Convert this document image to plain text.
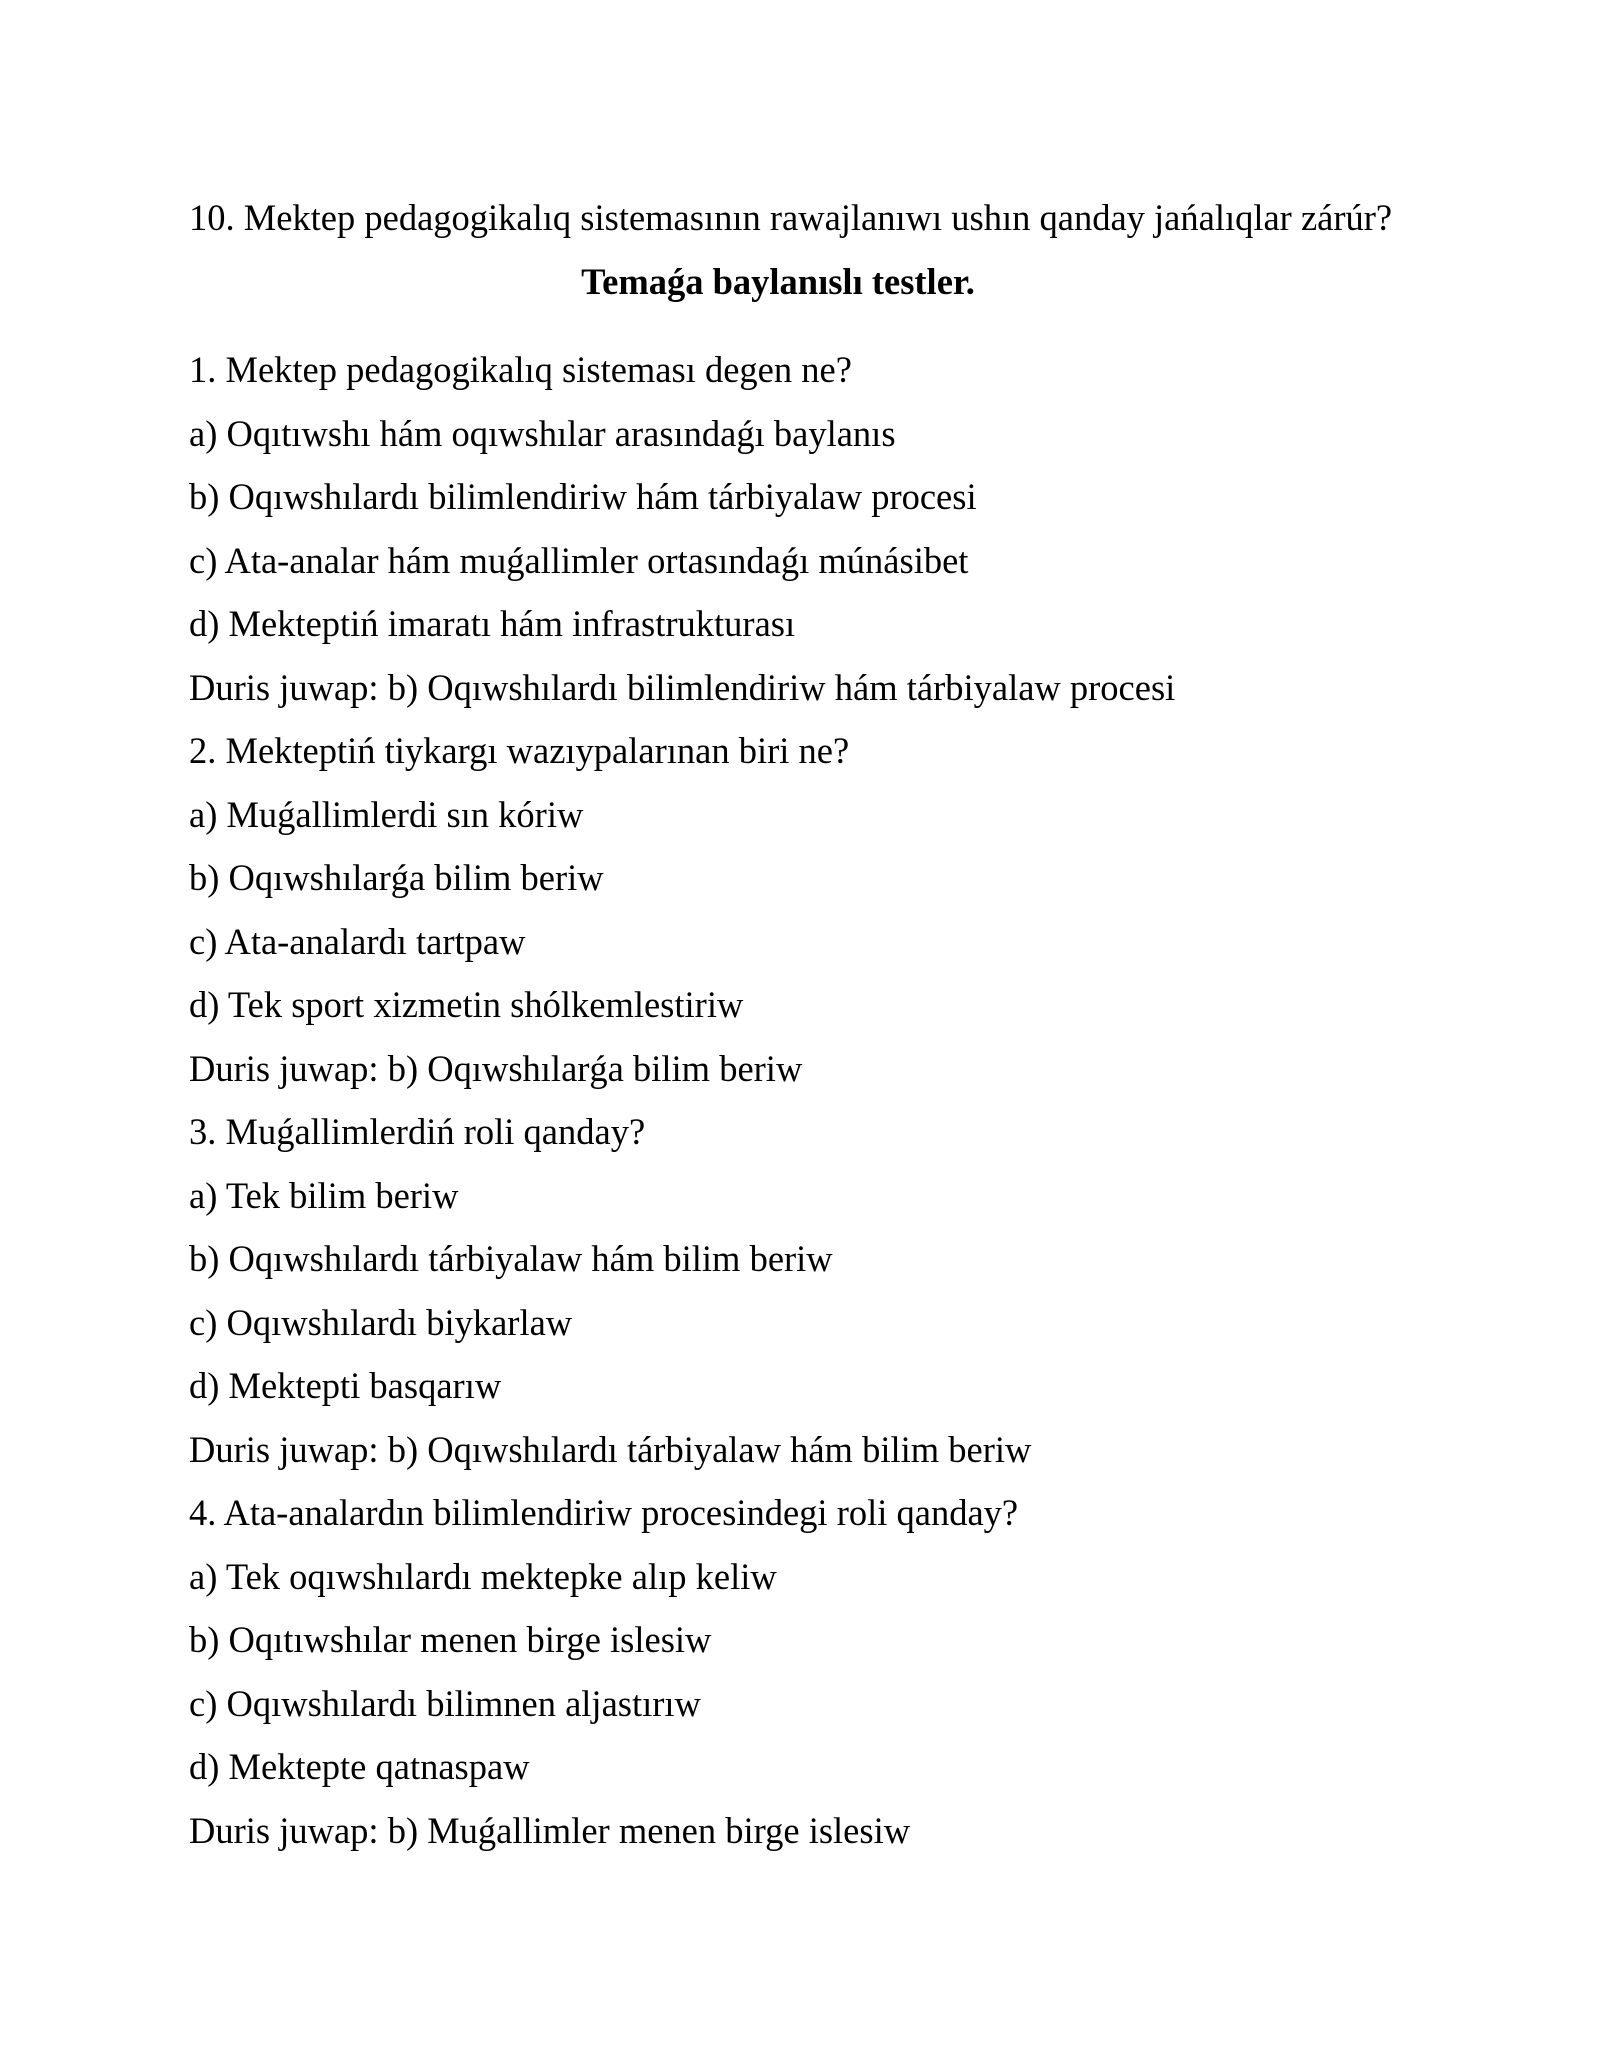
10. Mektep pedagogikalıq sistemasının rawajlanıwı ushın qanday jańalıqlar zárúr?

Temaǵa baylanıslı testler.

1. Mektep pedagogikalıq sisteması degen ne?

a) Oqıtıwshı hám oqıwshılar arasındaǵı baylanıs

b) Oqıwshılardı bilimlendiriw hám tárbiyalaw procesi

c) Ata-analar hám muǵallimler ortasındaǵı múnásibet

d) Mekteptiń imaratı hám infrastrukturası

Duris juwap: b) Oqıwshılardı bilimlendiriw hám tárbiyalaw procesi

2. Mekteptiń tiykargı wazıypalarınan biri ne?

a) Muǵallimlerdi sın kóriw

b) Oqıwshılarǵa bilim beriw

c) Ata-analardı tartpaw

d) Tek sport xizmetin shólkemlestiriw

Duris juwap: b) Oqıwshılarǵa bilim beriw

3. Muǵallimlerdiń roli qanday?

a) Tek bilim beriw

b) Oqıwshılardı tárbiyalaw hám bilim beriw

c) Oqıwshılardı biykarlaw

d) Mektepti basqarıw

Duris juwap: b) Oqıwshılardı tárbiyalaw hám bilim beriw

4. Ata-analardın bilimlendiriw procesindegi roli qanday?

a) Tek oqıwshılardı mektepke alıp keliw

b) Oqıtıwshılar menen birge islesiw

c) Oqıwshılardı bilimnen aljastırıw

d) Mektepte qatnaspaw

Duris juwap: b) Muǵallimler menen birge islesiw
